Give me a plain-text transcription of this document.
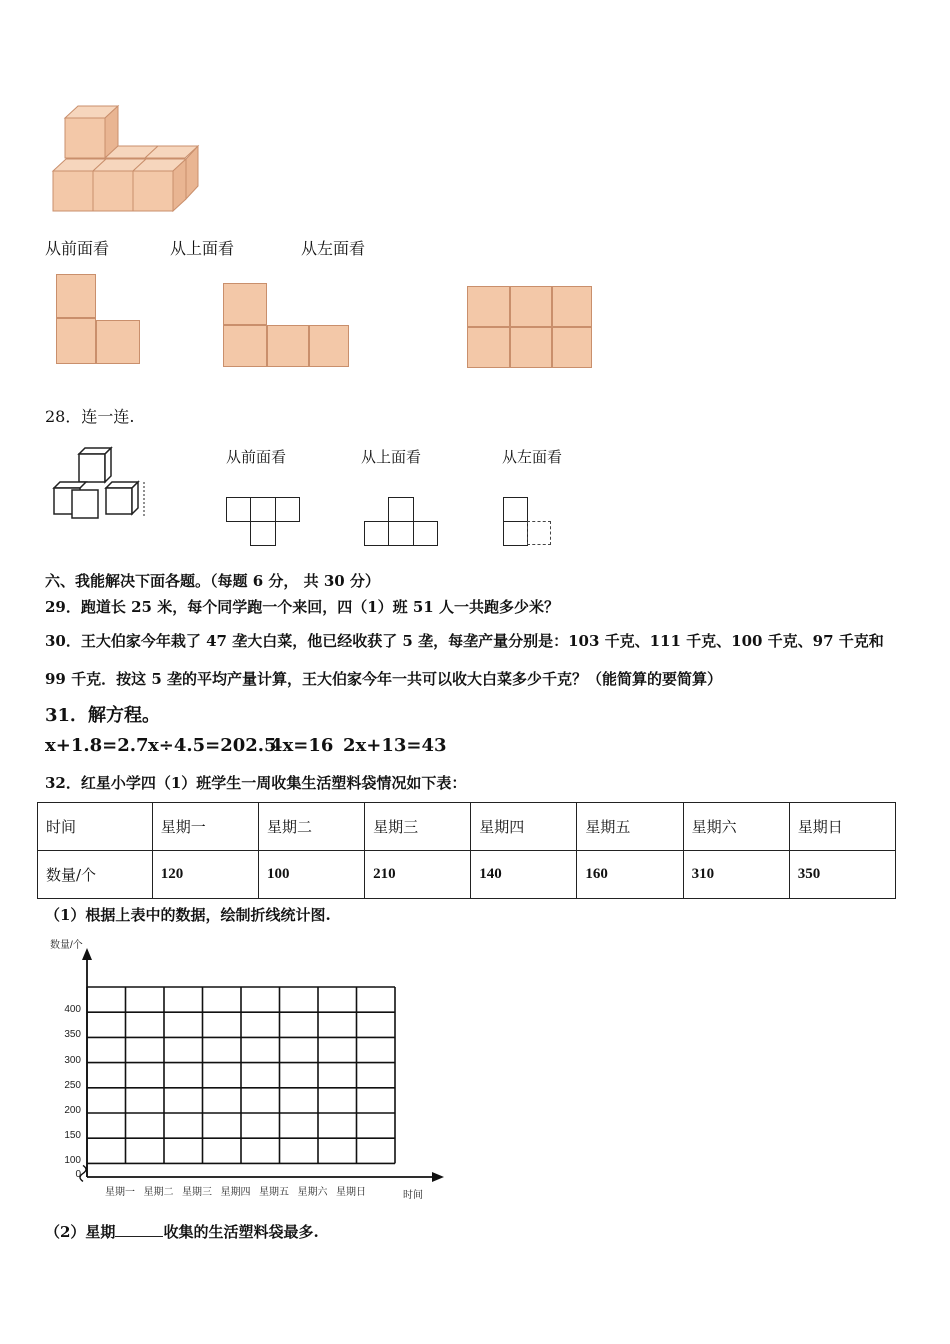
从前面看	从上面看	从左面看
28．连一连.
从前面看	从上面看	从左面看
六、我能解决下面各题。（每题 6 分， 共 30 分）
29．跑道长 25 米，每个同学跑一个来回，四（1）班 51 人一共跑多少米？
30．王大伯家今年栽了 47 垄大白菜，他已经收获了 5 垄，每垄产量分别是：103 千克、111 千克、100 千克、97 千克和
99 千克．按这 5 垄的平均产量计算，王大伯家今年一共可以收大白菜多少千克？（能简算的要简算）
31．解方程。
x+1.8=2.7 x÷4.5=202.5
4x=16 2x+13=43
32．红星小学四（1）班学生一周收集生活塑料袋情况如下表：
时间	星期一	星期二	星期三	星期四	星期五	星期六	星期日
数量/个	120	100	210	140	160	310	350
（1）根据上表中的数据，绘制折线统计图.
数量/个
时间
0
100
150
200
250
300
350
400
星期一 星期二 星期三 星期四 星期五 星期六 星期日
（2）星期	收集的生活塑料袋最多.
